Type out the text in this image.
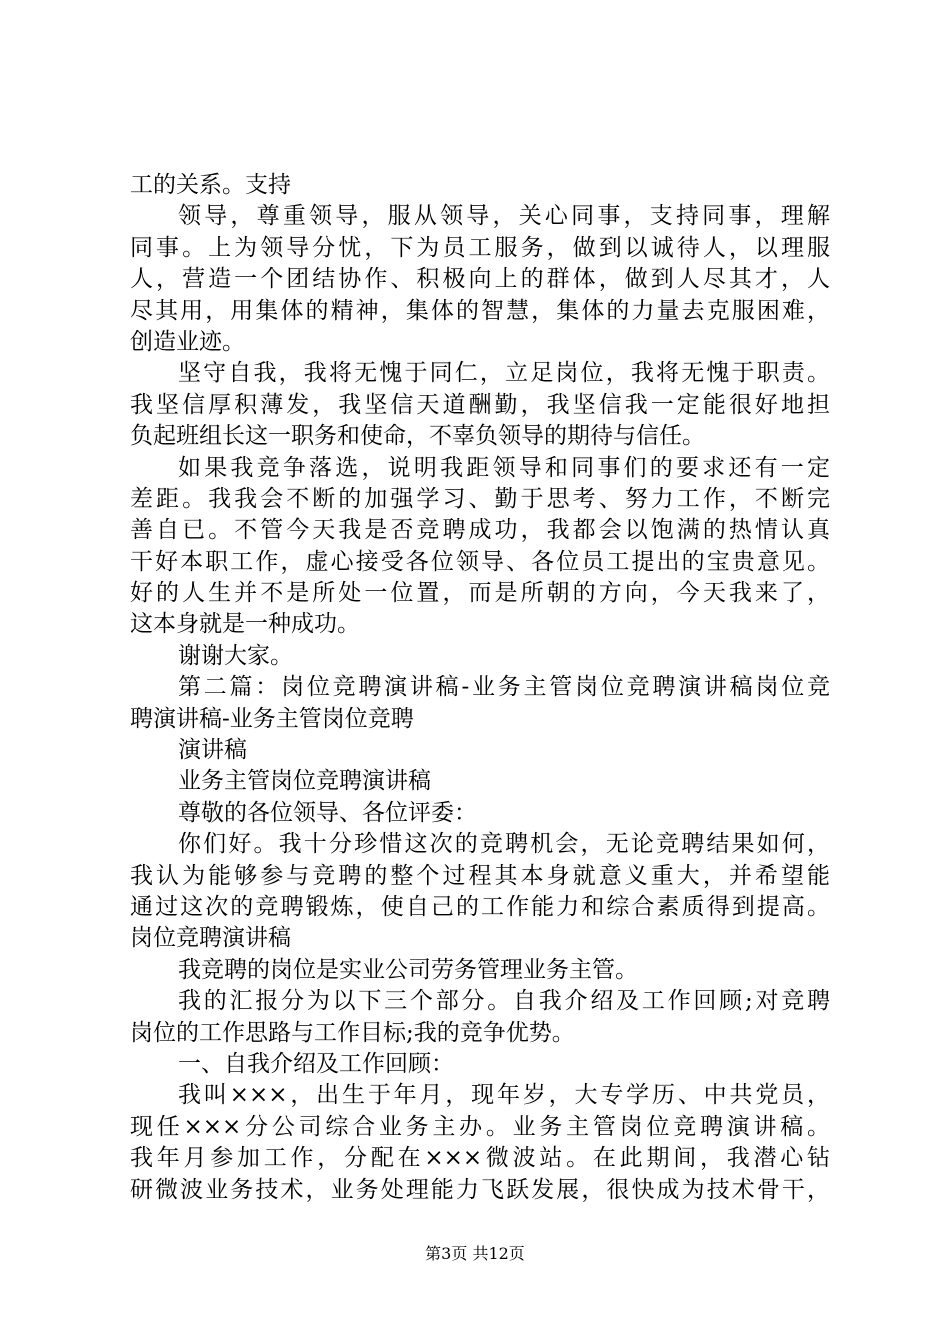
工的关系。支持
领导，尊重领导，服从领导，关心同事，支持同事，理解
同事。上为领导分忧，下为员工服务，做到以诚待人，以理服
人，营造一个团结协作、积极向上的群体，做到人尽其才，人
尽其用，用集体的精神，集体的智慧，集体的力量去克服困难，
创造业迹。
坚守自我，我将无愧于同仁，立足岗位，我将无愧于职责。
我坚信厚积薄发，我坚信天道酬勤，我坚信我一定能很好地担
负起班组长这一职务和使命，不辜负领导的期待与信任。
如果我竞争落选，说明我距领导和同事们的要求还有一定
差距。我我会不断的加强学习、勤于思考、努力工作，不断完
善自已。不管今天我是否竞聘成功，我都会以饱满的热情认真
干好本职工作，虚心接受各位领导、各位员工提出的宝贵意见。
好的人生并不是所处一位置，而是所朝的方向，今天我来了，
这本身就是一种成功。
谢谢大家。
第二篇：岗位竞聘演讲稿-业务主管岗位竞聘演讲稿岗位竞
聘演讲稿-业务主管岗位竞聘
演讲稿
业务主管岗位竞聘演讲稿
尊敬的各位领导、各位评委：
你们好。我十分珍惜这次的竞聘机会，无论竞聘结果如何，
我认为能够参与竞聘的整个过程其本身就意义重大，并希望能
通过这次的竞聘锻炼，使自己的工作能力和综合素质得到提高。
岗位竞聘演讲稿
我竞聘的岗位是实业公司劳务管理业务主管。
我的汇报分为以下三个部分。自我介绍及工作回顾;对竞聘
岗位的工作思路与工作目标;我的竞争优势。
一、自我介绍及工作回顾：
我叫×××，出生于年月，现年岁，大专学历、中共党员，
现任×××分公司综合业务主办。业务主管岗位竞聘演讲稿。
我年月参加工作，分配在×××微波站。在此期间，我潜心钻
研微波业务技术，业务处理能力飞跃发展，很快成为技术骨干，
第3页 共12页
